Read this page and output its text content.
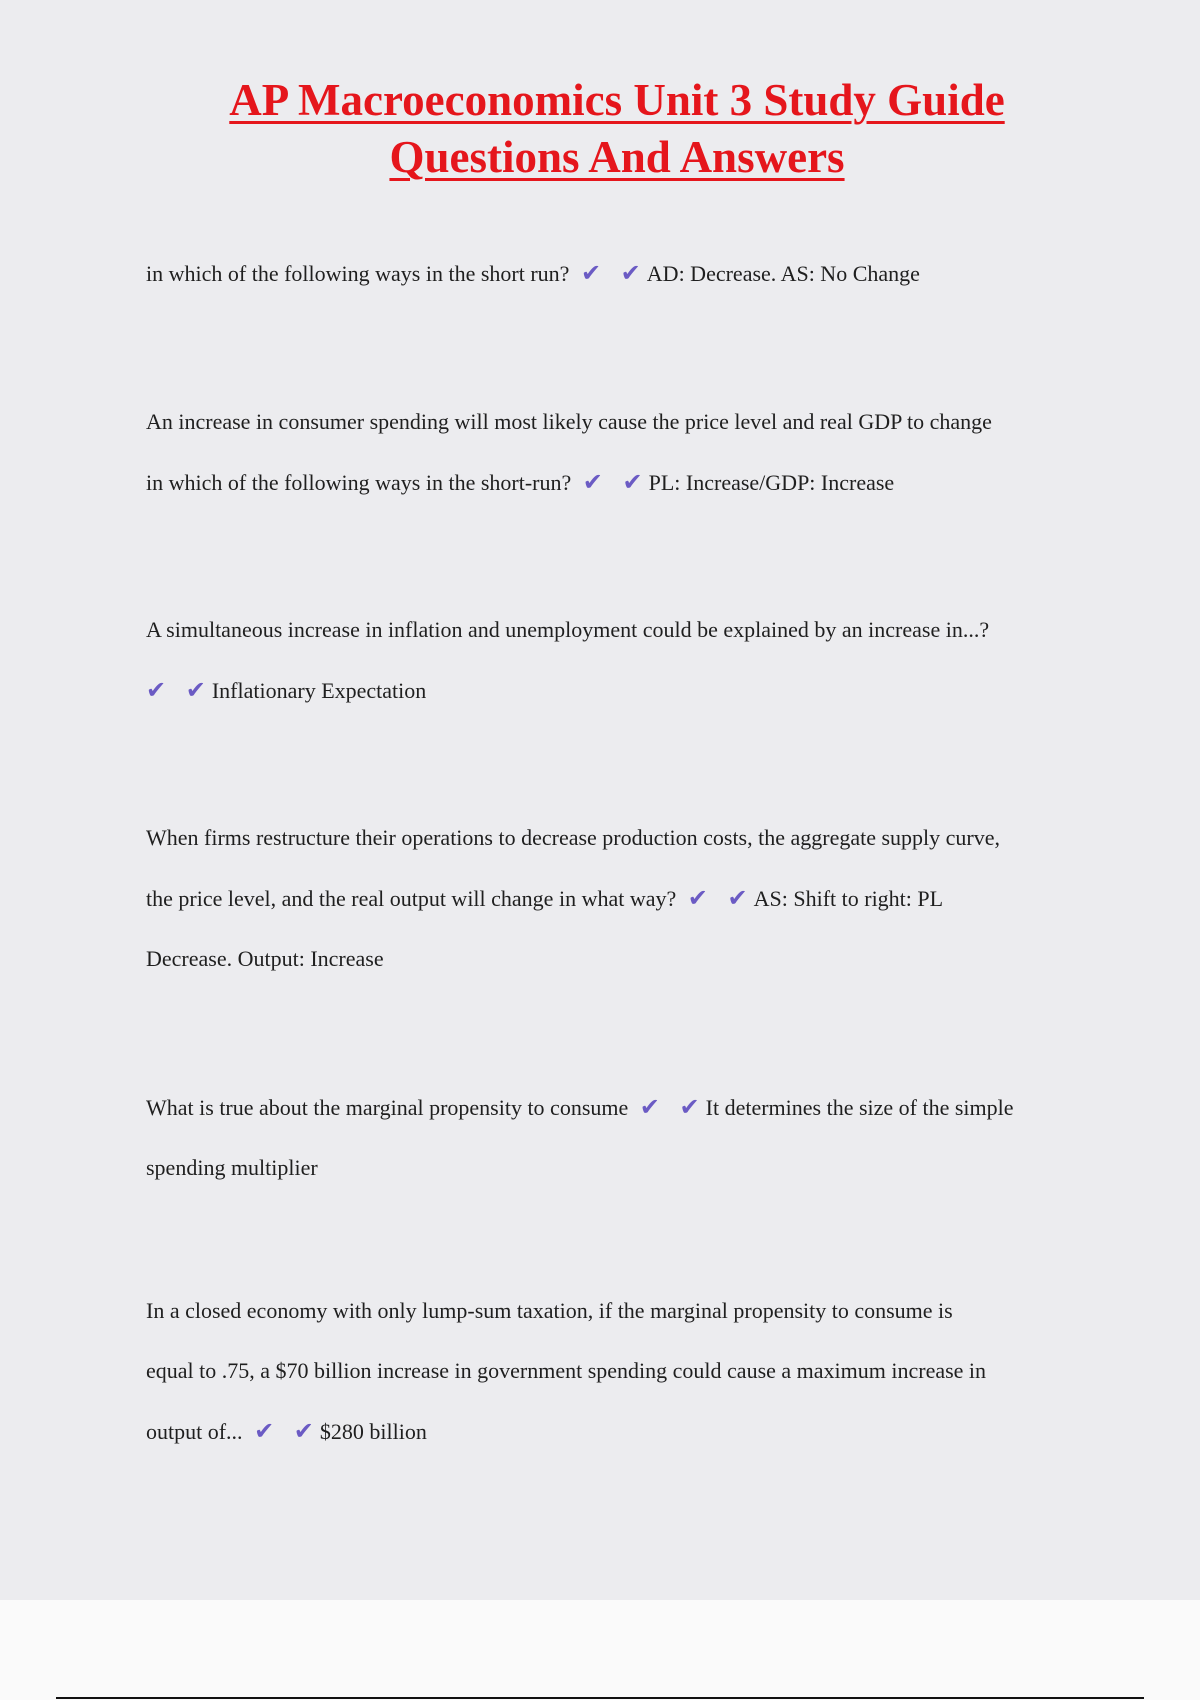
AP Macroeconomics Unit 3 Study Guide
Questions And Answers
in which of the following ways in the short run? ✔ ✔AD: Decrease. AS: No Change
An increase in consumer spending will most likely cause the price level and real GDP to change
in which of the following ways in the short-run? ✔ ✔PL: Increase/GDP: Increase
A simultaneous increase in inflation and unemployment could be explained by an increase in...?
✔ ✔Inflationary Expectation
When firms restructure their operations to decrease production costs, the aggregate supply curve,
the price level, and the real output will change in what way? ✔ ✔AS: Shift to right: PL
Decrease. Output: Increase
What is true about the marginal propensity to consume ✔ ✔It determines the size of the simple
spending multiplier
In a closed economy with only lump-sum taxation, if the marginal propensity to consume is
equal to .75, a $70 billion increase in government spending could cause a maximum increase in
output of... ✔ ✔$280 billion
